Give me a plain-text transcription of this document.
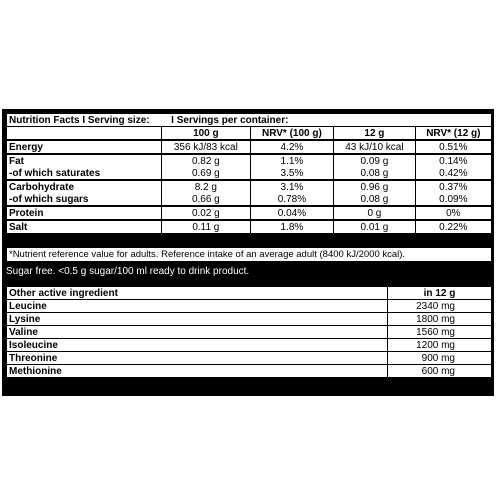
Nutrition Facts I Serving size:   I Servings per container:				
	100 g	NRV* (100 g)	12 g	NRV* (12 g)
Energy	356 kJ/83 kcal	4.2%	43 kJ/10 kcal	0.51%
Fat	0.82 g	1.1%	0.09 g	0.14%
-of which saturates	0.69 g	3.5%	0.08 g	0.42%
Carbohydrate	8.2 g	3.1%	0.96 g	0.37%
-of which sugars	0.66 g	0.78%	0.08 g	0.09%
Protein	0.02 g	0.04%	0 g	0%
Salt	0.11 g	1.8%	0.01 g	0.22%
*Nutrient reference value for adults. Reference intake of an average adult (8400 kJ/2000 kcal).
Sugar free. <0.5 g sugar/100 ml ready to drink product.
Other active ingredient	in 12 g
Leucine	2340 mg
Lysine	1800 mg
Valine	1560 mg
Isoleucine	1200 mg
Threonine	900 mg
Methionine	600 mg
